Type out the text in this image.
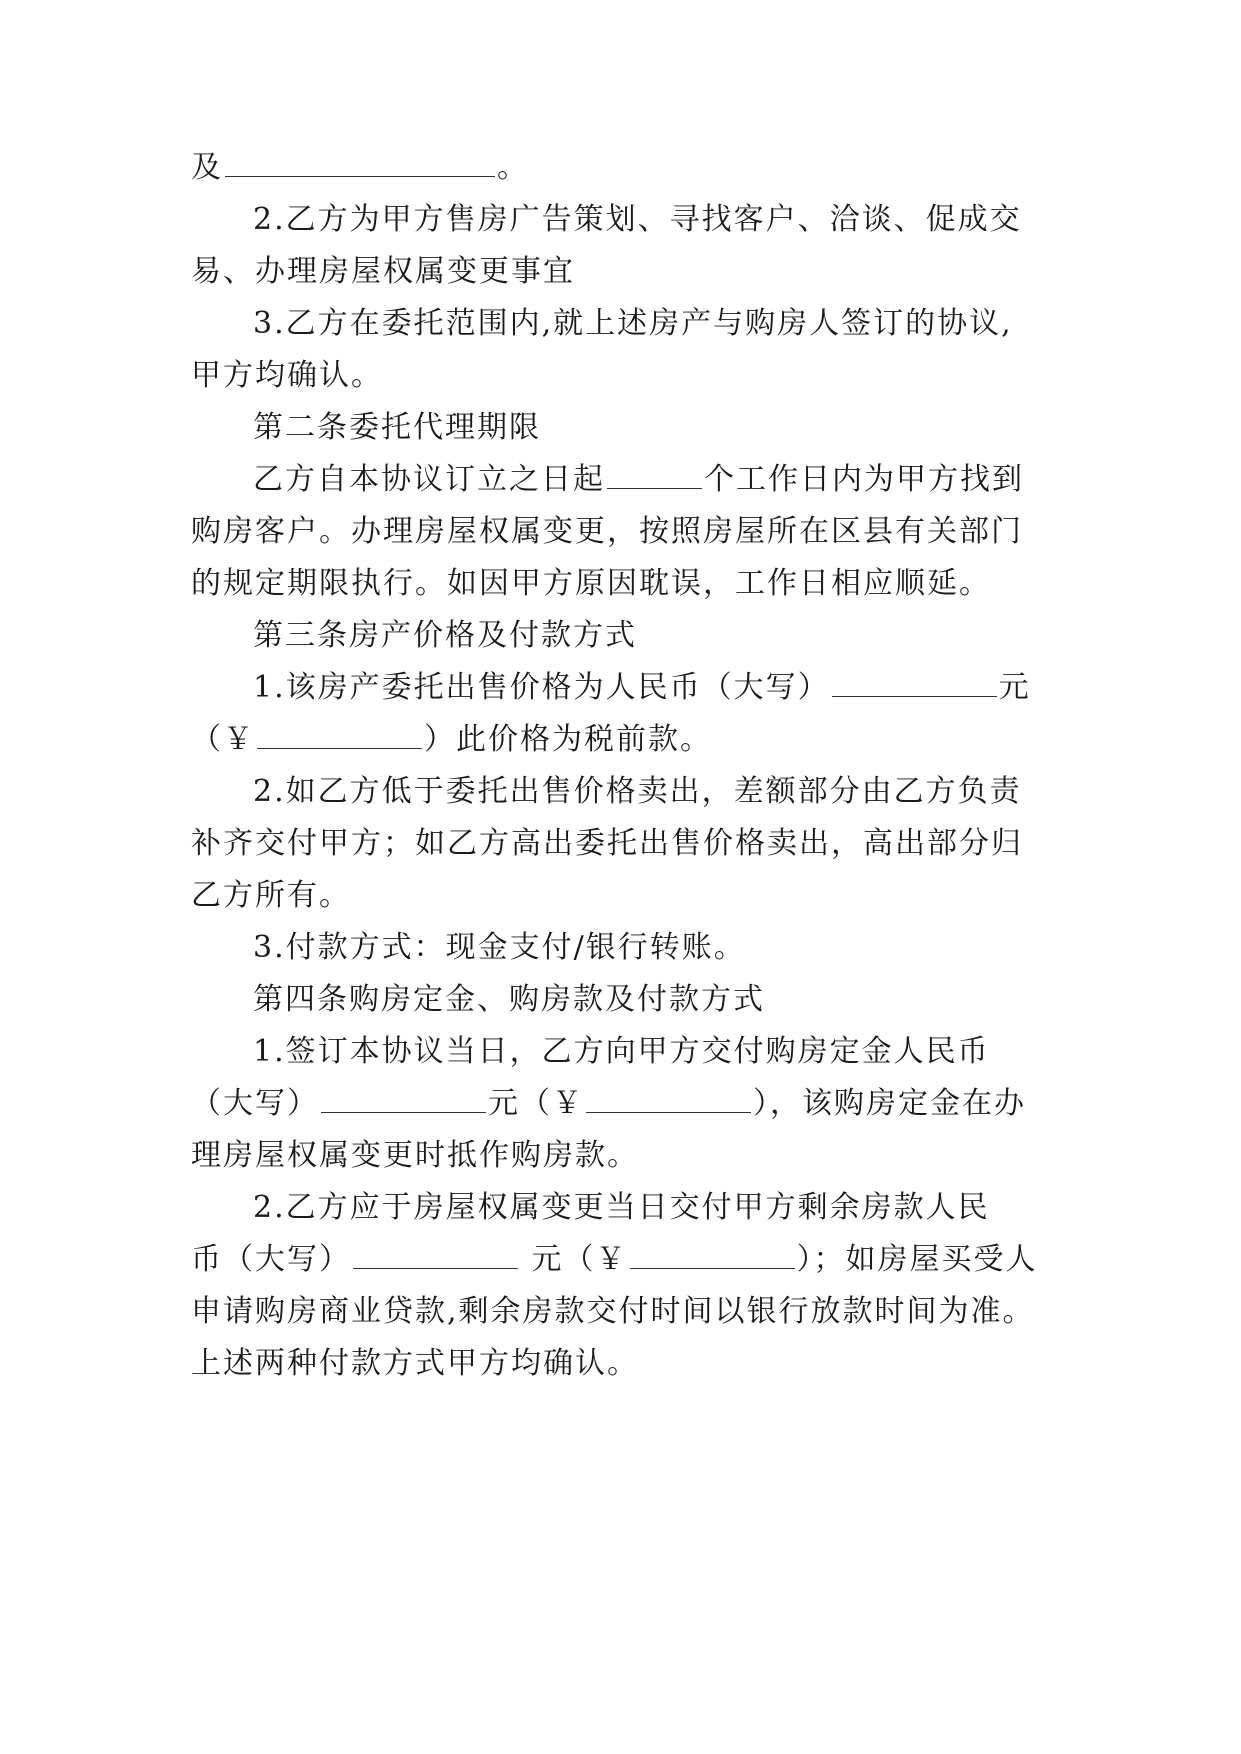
及	。
2.乙方为甲方售房广告策划、寻找客户、洽谈、促成交
易、办理房屋权属变更事宜
3.乙方在委托范围内,就上述房产与购房人签订的协议,
甲方均确认。
第二条委托代理期限
乙方自本协议订立之日起	个工作日内为甲方找到
购房客户。办理房屋权属变更，按照房屋所在区县有关部门
的规定期限执行。如因甲方原因耽误，工作日相应顺延。
第三条房产价格及付款方式
1.该房产委托出售价格为人民币（大写）	元
（￥	）此价格为税前款。
2.如乙方低于委托出售价格卖出，差额部分由乙方负责
补齐交付甲方；如乙方高出委托出售价格卖出，高出部分归
乙方所有。
3.付款方式：现金支付/银行转账。
第四条购房定金、购房款及付款方式
1.签订本协议当日，乙方向甲方交付购房定金人民币
（大写）	元（￥	），该购房定金在办
理房屋权属变更时抵作购房款。
2.乙方应于房屋权属变更当日交付甲方剩余房款人民
币（大写）	元（￥	）；如房屋买受人
申请购房商业贷款,剩余房款交付时间以银行放款时间为准。
上述两种付款方式甲方均确认。
